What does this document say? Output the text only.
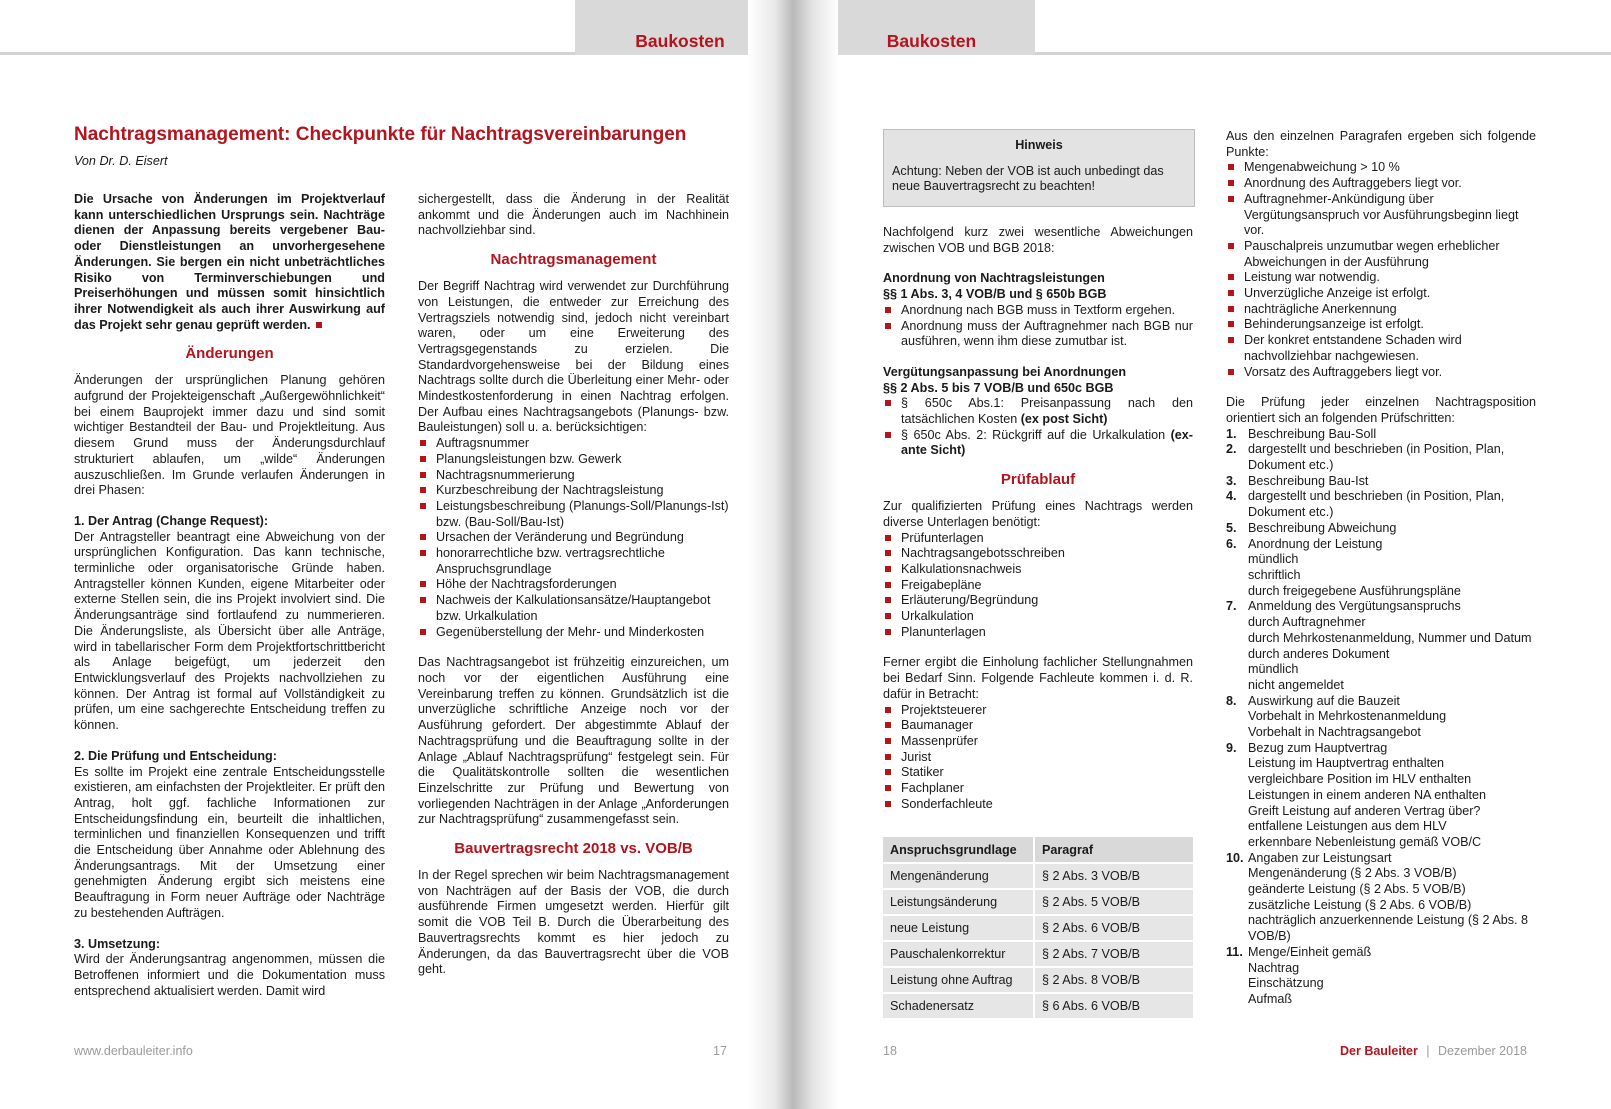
Baukosten
Nachtragsmanagement: Checkpunkte für Nachtragsvereinbarungen
Von Dr. D. Eisert

Die Ursache von Änderungen im Projektverlauf kann unterschiedlichen Ursprungs sein. Nachträge dienen der Anpassung bereits vergebener Bau- oder Dienstleistungen an unvorhergesehene Änderungen. Sie bergen ein nicht unbeträchtliches Risiko von Terminverschiebungen und Preiserhöhungen und müssen somit hinsichtlich ihrer Notwendigkeit als auch ihrer Auswirkung auf das Projekt sehr genau geprüft werden.

Änderungen

Änderungen der ursprünglichen Planung gehören aufgrund der Projekteigenschaft „Außergewöhnlichkeit“ bei einem Bauprojekt immer dazu und sind somit wichtiger Bestandteil der Bau- und Projektleitung. Aus diesem Grund muss der Änderungsdurchlauf strukturiert ablaufen, um „wilde“ Änderungen auszuschließen. Im Grunde verlaufen Änderungen in drei Phasen:

1. Der Antrag (Change Request):

Der Antragsteller beantragt eine Abweichung von der ursprünglichen Konfiguration. Das kann technische, terminliche oder organisatorische Gründe haben. Antragsteller können Kunden, eigene Mitarbeiter oder externe Stellen sein, die ins Projekt involviert sind. Die Änderungsanträge sind fortlaufend zu nummerieren. Die Änderungsliste, als Übersicht über alle Anträge, wird in tabellarischer Form dem Projektfortschrittbericht als Anlage beigefügt, um jederzeit den Entwicklungsverlauf des Projekts nachvollziehen zu können. Der Antrag ist formal auf Vollständigkeit zu prüfen, um eine sachgerechte Entscheidung treffen zu können.

2. Die Prüfung und Entscheidung:

Es sollte im Projekt eine zentrale Entscheidungsstelle existieren, am einfachsten der Projektleiter. Er prüft den Antrag, holt ggf. fachliche Informationen zur Entscheidungsfindung ein, beurteilt die inhaltlichen, terminlichen und finanziellen Konsequenzen und trifft die Entscheidung über Annahme oder Ablehnung des Änderungsantrags. Mit der Umsetzung einer genehmigten Änderung ergibt sich meistens eine Beauftragung in Form neuer Aufträge oder Nachträge zu bestehenden Aufträgen.

3. Umsetzung:

Wird der Änderungsantrag angenommen, müssen die Betroffenen informiert und die Dokumentation muss entsprechend aktualisiert werden. Damit wird

sichergestellt, dass die Änderung in der Realität ankommt und die Änderungen auch im Nachhinein nachvollziehbar sind.

Nachtragsmanagement

Der Begriff Nachtrag wird verwendet zur Durchführung von Leistungen, die entweder zur Erreichung des Vertragsziels notwendig sind, jedoch nicht vereinbart waren, oder um eine Erweiterung des Vertragsgegenstands zu erzielen. Die Standardvorgehensweise bei der Bildung eines Nachtrags sollte durch die Überleitung einer Mehr- oder Mindestkostenforderung in einen Nachtrag erfolgen. Der Aufbau eines Nachtragsangebots (Planungs- bzw. Bauleistungen) soll u. a. berücksichtigen:

Auftragsnummer
Planungsleistungen bzw. Gewerk
Nachtragsnummerierung
Kurzbeschreibung der Nachtragsleistung
Leistungsbeschreibung (Planungs-Soll/Planungs-Ist) bzw. (Bau-Soll/Bau-Ist)
Ursachen der Veränderung und Begründung
honorarrechtliche bzw. vertragsrechtliche Anspruchsgrundlage
Höhe der Nachtragsforderungen
Nachweis der Kalkulationsansätze/Hauptangebot bzw. Urkalkulation
Gegenüberstellung der Mehr- und Minderkosten

Das Nachtragsangebot ist frühzeitig einzureichen, um noch vor der eigentlichen Ausführung eine Vereinbarung treffen zu können. Grundsätzlich ist die unverzügliche schriftliche Anzeige noch vor der Ausführung gefordert. Der abgestimmte Ablauf der Nachtragsprüfung und die Beauftragung sollte in der Anlage „Ablauf Nachtragsprüfung“ festgelegt sein. Für die Qualitätskontrolle sollten die wesentlichen Einzelschritte zur Prüfung und Bewertung von vorliegenden Nachträgen in der Anlage „Anforderungen zur Nachtragsprüfung“ zusammengefasst sein.

Bauvertragsrecht 2018 vs. VOB/B

In der Regel sprechen wir beim Nachtragsmanagement von Nachträgen auf der Basis der VOB, die durch ausführende Firmen umgesetzt werden. Hierfür gilt somit die VOB Teil B. Durch die Überarbeitung des Bauvertragsrechts kommt es hier jedoch zu Änderungen, da das Bauvertragsrecht über die VOB geht.

www.derbauleiter.info	17
Baukosten
Hinweis
Achtung: Neben der VOB ist auch unbedingt das neue Bauvertragsrecht zu beachten!

Nachfolgend kurz zwei wesentliche Abweichungen zwischen VOB und BGB 2018:

Anordnung von Nachtragsleistungen

§§ 1 Abs. 3, 4 VOB/B und § 650b BGB

Anordnung nach BGB muss in Textform ergehen.
Anordnung muss der Auftragnehmer nach BGB nur ausführen, wenn ihm diese zumutbar ist.

Vergütungsanpassung bei Anordnungen

§§ 2 Abs. 5 bis 7 VOB/B und 650c BGB

§ 650c Abs.1: Preisanpassung nach den tatsächlichen Kosten (ex post Sicht)
§ 650c Abs. 2: Rückgriff auf die Urkalkulation (ex-ante Sicht)

Prüfablauf

Zur qualifizierten Prüfung eines Nachtrags werden diverse Unterlagen benötigt:

Prüfunterlagen
Nachtragsangebotsschreiben
Kalkulationsnachweis
Freigabepläne
Erläuterung/Begründung
Urkalkulation
Planunterlagen

Ferner ergibt die Einholung fachlicher Stellungnahmen bei Bedarf Sinn. Folgende Fachleute kommen i. d. R. dafür in Betracht:

Projektsteuerer
Baumanager
Massenprüfer
Jurist
Statiker
Fachplaner
Sonderfachleute
Anspruchsgrundlage	Paragraf
Mengenänderung	§ 2 Abs. 3 VOB/B
Leistungsänderung	§ 2 Abs. 5 VOB/B
neue Leistung	§ 2 Abs. 6 VOB/B
Pauschalenkorrektur	§ 2 Abs. 7 VOB/B
Leistung ohne Auftrag	§ 2 Abs. 8 VOB/B
Schadenersatz	§ 6 Abs. 6 VOB/B

Aus den einzelnen Paragrafen ergeben sich folgende Punkte:

Mengenabweichung > 10 %
Anordnung des Auftraggebers liegt vor.
Auftragnehmer-Ankündigung über Vergütungsanspruch vor Ausführungsbeginn liegt vor.
Pauschalpreis unzumutbar wegen erheblicher Abweichungen in der Ausführung
Leistung war notwendig.
Unverzügliche Anzeige ist erfolgt.
nachträgliche Anerkennung
Behinderungsanzeige ist erfolgt.
Der konkret entstandene Schaden wird nachvollziehbar nachgewiesen.
Vorsatz des Auftraggebers liegt vor.

Die Prüfung jeder einzelnen Nachtragsposition orientiert sich an folgenden Prüfschritten:

1. Beschreibung Bau-Soll
2. dargestellt und beschrieben (in Position, Plan, Dokument etc.)
3. Beschreibung Bau-Ist
4. dargestellt und beschrieben (in Position, Plan, Dokument etc.)
5. Beschreibung Abweichung
6. Anordnung der Leistung
mündlich
schriftlich
durch freigegebene Ausführungspläne
7. Anmeldung des Vergütungsanspruchs
durch Auftragnehmer
durch Mehrkostenanmeldung, Nummer und Datum
durch anderes Dokument
mündlich
nicht angemeldet
8. Auswirkung auf die Bauzeit
Vorbehalt in Mehrkostenanmeldung
Vorbehalt in Nachtragsangebot
9. Bezug zum Hauptvertrag
Leistung im Hauptvertrag enthalten
vergleichbare Position im HLV enthalten
Leistungen in einem anderen NA enthalten
Greift Leistung auf anderen Vertrag über?
entfallene Leistungen aus dem HLV
erkennbare Nebenleistung gemäß VOB/C
10. Angaben zur Leistungsart
Mengenänderung (§ 2 Abs. 3 VOB/B)
geänderte Leistung (§ 2 Abs. 5 VOB/B)
zusätzliche Leistung (§ 2 Abs. 6 VOB/B)
nachträglich anzuerkennende Leistung (§ 2 Abs. 8 VOB/B)
11. Menge/Einheit gemäß
Nachtrag
Einschätzung
Aufmaß
18	Der Bauleiter | Dezember 2018
